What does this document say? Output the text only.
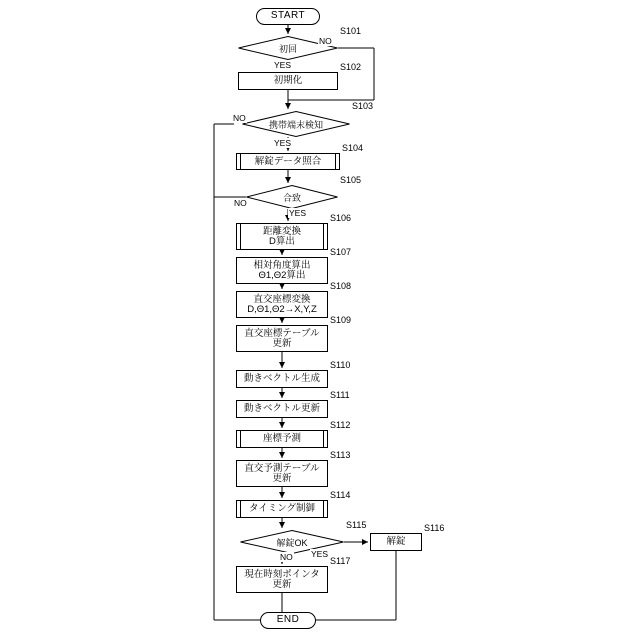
START
初回
S101
初期化
S102
携帯端末検知
S103
解錠データ照合
S104
合致
S105
距離変換
D算出
S106
相対角度算出
Θ1,Θ2算出
S107
直交座標変換
D,Θ1,Θ2→X,Y,Z
S108
直交座標テーブル
更新
S109
動きベクトル生成
S110
動きベクトル更新
S111
座標予測
S112
直交予測テーブル
更新
S113
タイミング制御
S114
解錠OK
S115
解錠
S116
現在時刻ポインタ
更新
S117
END
NO
YES
NO
YES
NO
YES
NO YES
